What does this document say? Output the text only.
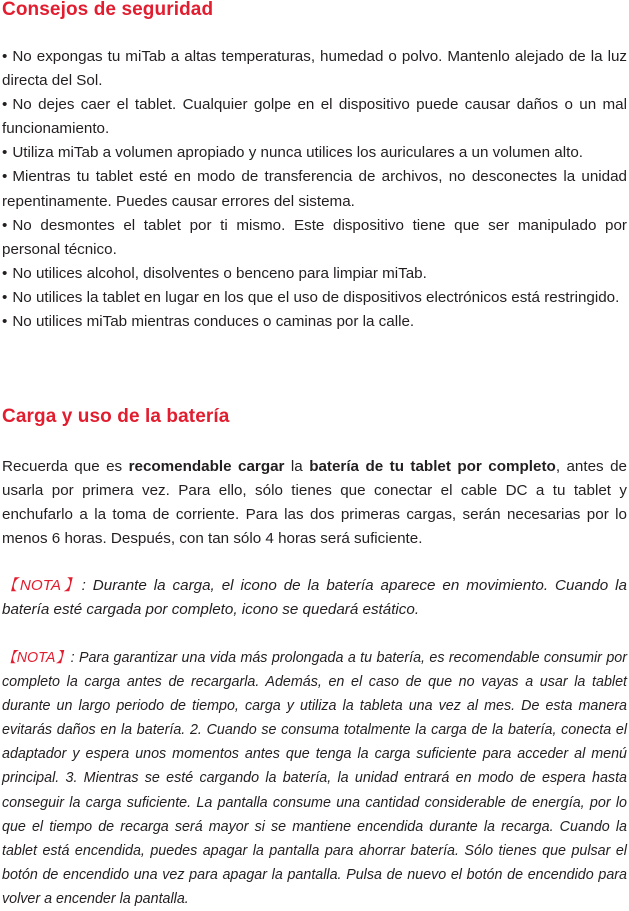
Consejos de seguridad
• No expongas tu miTab a altas temperaturas, humedad o polvo. Mantenlo alejado de la luz directa del Sol.
• No dejes caer el tablet. Cualquier golpe en el dispositivo puede causar daños o un mal funcionamiento.
• Utiliza miTab a volumen apropiado y nunca utilices los auriculares a un volumen alto.
• Mientras tu tablet esté en modo de transferencia de archivos, no desconectes la unidad repentinamente. Puedes causar errores del sistema.
• No desmontes el tablet por ti mismo. Este dispositivo tiene que ser manipulado por personal técnico.
• No utilices alcohol, disolventes o benceno para limpiar miTab.
• No utilices la tablet en lugar en los que el uso de dispositivos electrónicos está restringido.
• No utilices miTab mientras conduces o caminas por la calle.
Carga y uso de la batería

Recuerda que es recomendable cargar la batería de tu tablet por completo, antes de usarla por primera vez. Para ello, sólo tienes que conectar el cable DC a tu tablet y enchufarlo a la toma de corriente. Para las dos primeras cargas, serán necesarias por lo menos 6 horas. Después, con tan sólo 4 horas será suficiente.

【NOTA】: Durante la carga, el icono de la batería aparece en movimiento. Cuando la batería esté cargada por completo, icono se quedará estático.

【NOTA】: Para garantizar una vida más prolongada a tu batería, es recomendable consumir por completo la carga antes de recargarla. Además, en el caso de que no vayas a usar la tablet durante un largo periodo de tiempo, carga y utiliza la tableta una vez al mes. De esta manera evitarás daños en la batería. 2. Cuando se consuma totalmente la carga de la batería, conecta el adaptador y espera unos momentos antes que tenga la carga suficiente para acceder al menú principal. 3. Mientras se esté cargando la batería, la unidad entrará en modo de espera hasta conseguir la carga suficiente. La pantalla consume una cantidad considerable de energía, por lo que el tiempo de recarga será mayor si se mantiene encendida durante la recarga. Cuando la tablet está encendida, puedes apagar la pantalla para ahorrar batería. Sólo tienes que pulsar el botón de encendido una vez para apagar la pantalla. Pulsa de nuevo el botón de encendido para volver a encender la pantalla.
